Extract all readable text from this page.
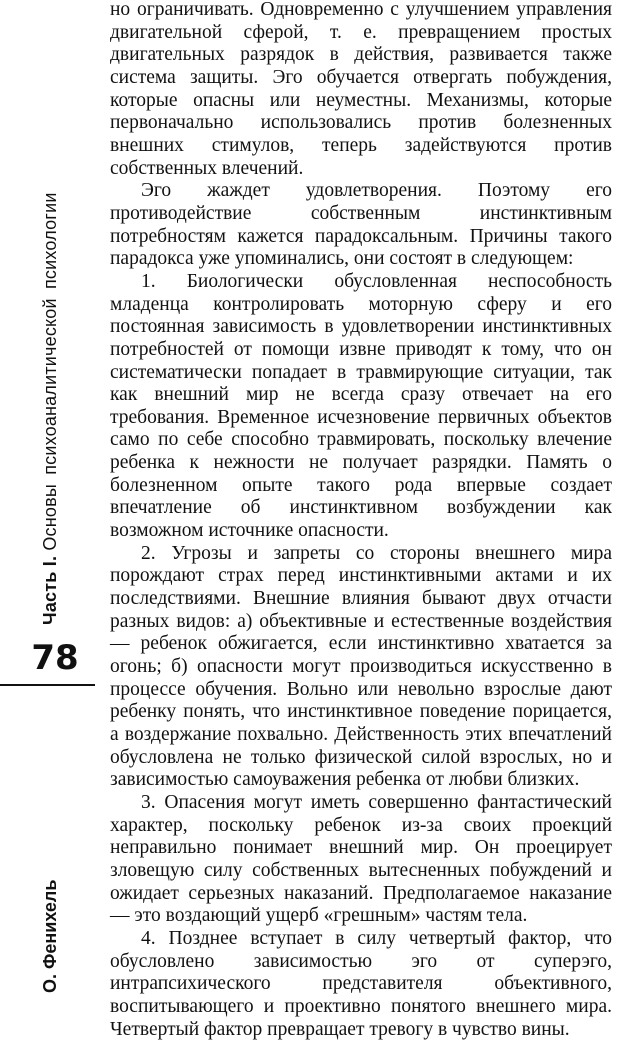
Часть I. Основы психоаналитической психологии
78
О. Фенихель

но ограничивать. Одновременно с улучшением управления двигательной сферой, т. е. превращением простых двигательных разрядок в действия, развивается также система защиты. Эго обучается отвергать побуждения, которые опасны или неуместны. Механизмы, которые первоначально использовались против болезненных внешних стимулов, теперь задействуются против собственных влечений.

Эго жаждет удовлетворения. Поэтому его противодействие собственным инстинктивным потребностям кажется парадоксальным. Причины такого парадокса уже упоминались, они состоят в следующем:

1. Биологически обусловленная неспособность младенца контролировать моторную сферу и его постоянная зависимость в удовлетворении инстинктивных потребностей от помощи извне приводят к тому, что он систематически попадает в травмирующие ситуации, так как внешний мир не всегда сразу отвечает на его требования. Временное исчезновение первичных объектов само по себе способно травмировать, поскольку влечение ребенка к нежности не получает разрядки. Память о болезненном опыте такого рода впервые создает впечатление об инстинктивном возбуждении как возможном источнике опасности.

2. Угрозы и запреты со стороны внешнего мира порождают страх перед инстинктивными актами и их последствиями. Внешние влияния бывают двух отчасти разных видов: а) объективные и естественные воздействия — ребенок обжигается, если инстинктивно хватается за огонь; б) опасности могут производиться искусственно в процессе обучения. Вольно или невольно взрослые дают ребенку понять, что инстинктивное поведение порицается, а воздержание похвально. Действенность этих впечатлений обусловлена не только физической силой взрослых, но и зависимостью самоуважения ребенка от любви близких.

3. Опасения могут иметь совершенно фантастический характер, поскольку ребенок из-за своих проекций неправильно понимает внешний мир. Он проецирует зловещую силу собственных вытесненных побуждений и ожидает серьезных наказаний. Предполагаемое наказание — это воздающий ущерб «грешным» частям тела.

4. Позднее вступает в силу четвертый фактор, что обусловлено зависимостью эго от суперэго, интрапсихического представителя объективного, воспитывающего и проективно понятого внешнего мира. Четвертый фактор превращает тревогу в чувство вины.
